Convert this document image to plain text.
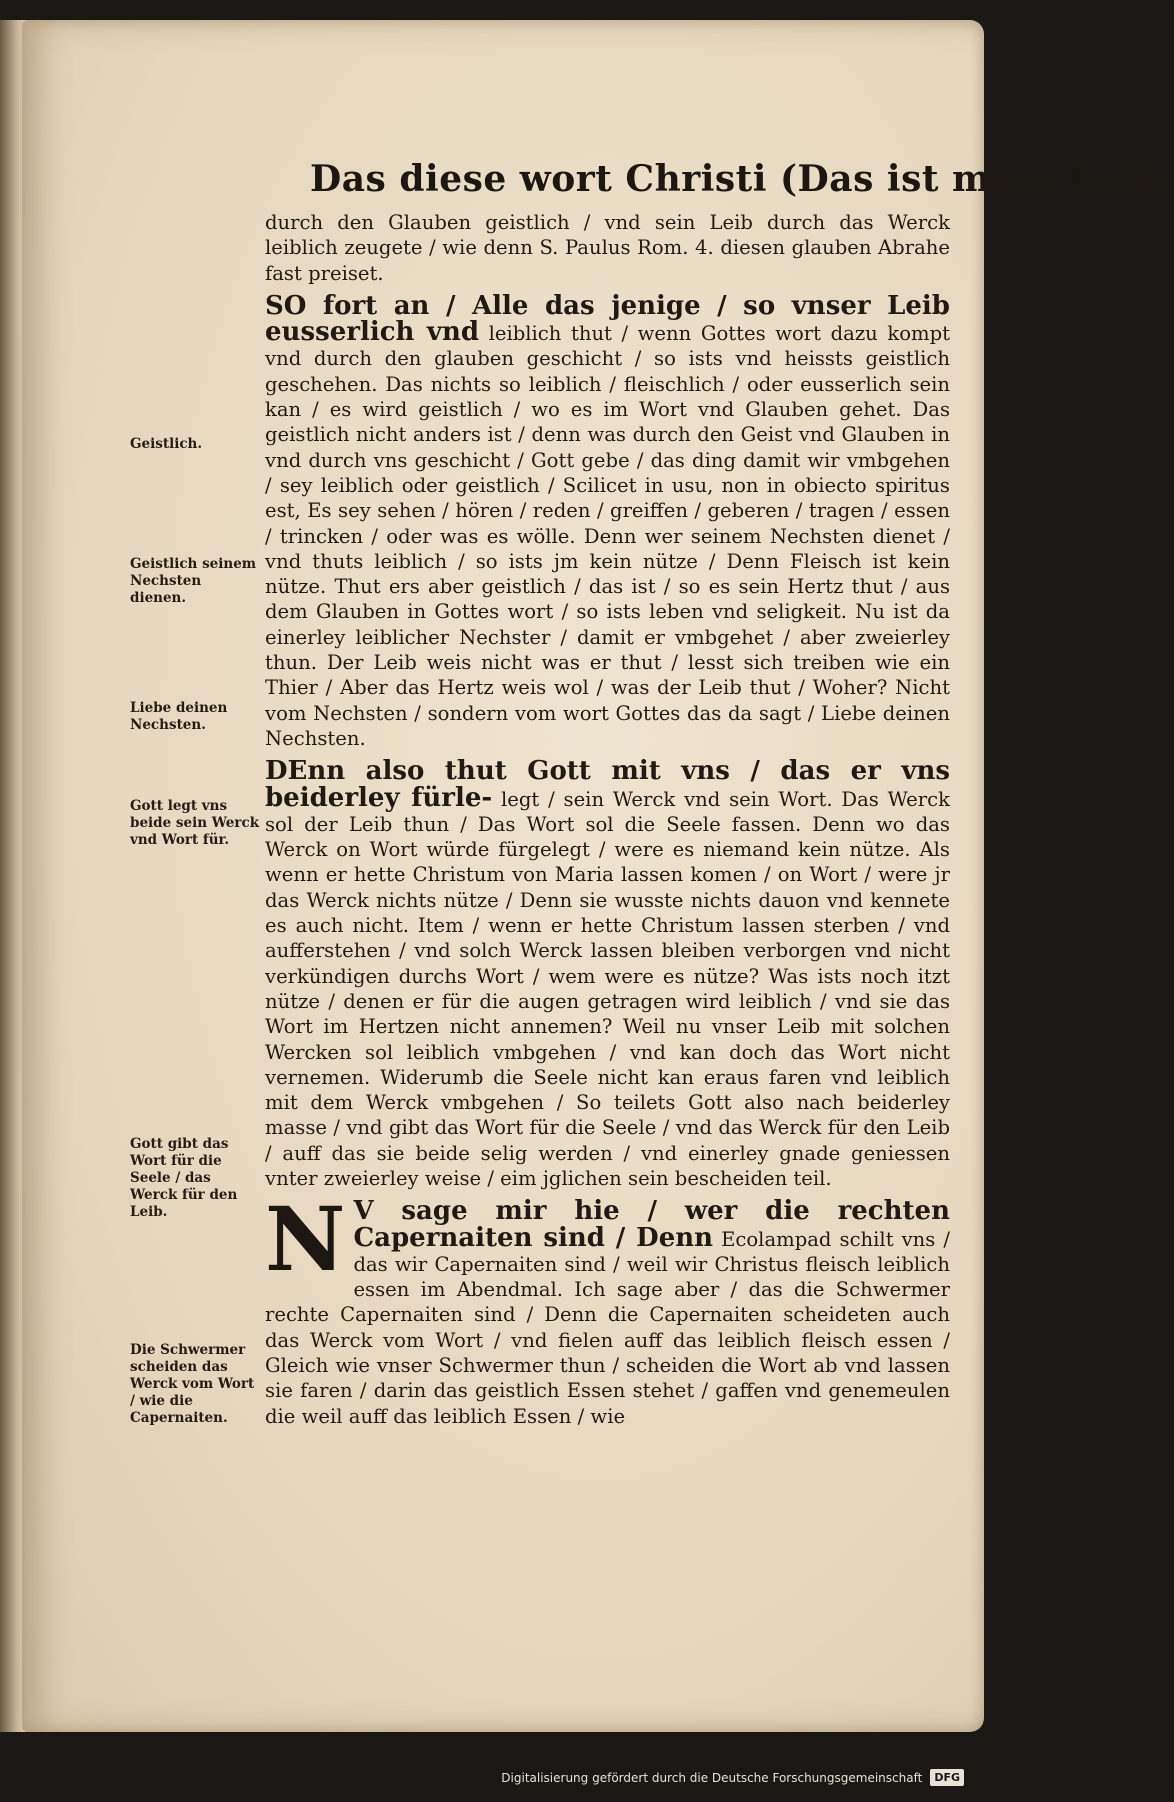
Das diese wort Christi (Das ist mein Leib)

durch den Glauben geistlich / vnd sein Leib durch das Werck leiblich zeugete / wie denn S. Paulus Rom. 4. diesen glauben Abrahe fast preiset.

SO fort an / Alle das jenige / so vnser Leib eusserlich vnd leiblich thut / wenn Gottes wort dazu kompt vnd durch den glauben geschicht / so ists vnd heissts geistlich geschehen. Das nichts so leiblich / fleischlich / oder eusserlich sein kan / es wird geistlich / wo es im Wort vnd Glauben gehet. Das geistlich nicht anders ist / denn was durch den Geist vnd Glauben in vnd durch vns geschicht / Gott gebe / das ding damit wir vmbgehen / sey leiblich oder geistlich / Scilicet in usu, non in obiecto spiritus est, Es sey sehen / hören / reden / greiffen / geberen / tragen / essen / trincken / oder was es wölle. Denn wer seinem Nechsten dienet / vnd thuts leiblich / so ists jm kein nütze / Denn Fleisch ist kein nütze. Thut ers aber geistlich / das ist / so es sein Hertz thut / aus dem Glauben in Gottes wort / so ists leben vnd seligkeit. Nu ist da einerley leiblicher Nechster / damit er vmbgehet / aber zweierley thun. Der Leib weis nicht was er thut / lesst sich treiben wie ein Thier / Aber das Hertz weis wol / was der Leib thut / Woher? Nicht vom Nechsten / sondern vom wort Gottes das da sagt / Liebe deinen Nechsten.

DEnn also thut Gott mit vns / das er vns beiderley fürle- legt / sein Werck vnd sein Wort. Das Werck sol der Leib thun / Das Wort sol die Seele fassen. Denn wo das Werck on Wort würde fürgelegt / were es niemand kein nütze. Als wenn er hette Christum von Maria lassen komen / on Wort / were jr das Werck nichts nütze / Denn sie wusste nichts dauon vnd kennete es auch nicht. Item / wenn er hette Christum lassen sterben / vnd aufferstehen / vnd solch Werck lassen bleiben verborgen vnd nicht verkündigen durchs Wort / wem were es nütze? Was ists noch itzt nütze / denen er für die augen getragen wird leiblich / vnd sie das Wort im Hertzen nicht annemen? Weil nu vnser Leib mit solchen Wercken sol leiblich vmbgehen / vnd kan doch das Wort nicht vernemen. Widerumb die Seele nicht kan eraus faren vnd leiblich mit dem Werck vmbgehen / So teilets Gott also nach beiderley masse / vnd gibt das Wort für die Seele / vnd das Werck für den Leib / auff das sie beide selig werden / vnd einerley gnade geniessen vnter zweierley weise / eim jglichen sein bescheiden teil.

N V sage mir hie / wer die rechten Capernaiten sind / Denn Ecolampad schilt vns / das wir Capernaiten sind / weil wir Christus fleisch leiblich essen im Abendmal. Ich sage aber / das die Schwermer rechte Capernaiten sind / Denn die Capernaiten scheideten auch das Werck vom Wort / vnd fielen auff das leiblich fleisch essen / Gleich wie vnser Schwermer thun / scheiden die Wort ab vnd lassen sie faren / darin das geistlich Essen stehet / gaffen vnd genemeulen die weil auff das leiblich Essen / wie

Geistlich.
Geistlich seinem Nechsten dienen.
Liebe deinen Nechsten.
Gott legt vns beide sein Werck vnd Wort für.
Gott gibt das Wort für die Seele / das Werck für den Leib.
Die Schwermer scheiden das Werck vom Wort / wie die Capernaiten.
Digitalisierung gefördert durch die Deutsche Forschungsgemeinschaft	DFG
